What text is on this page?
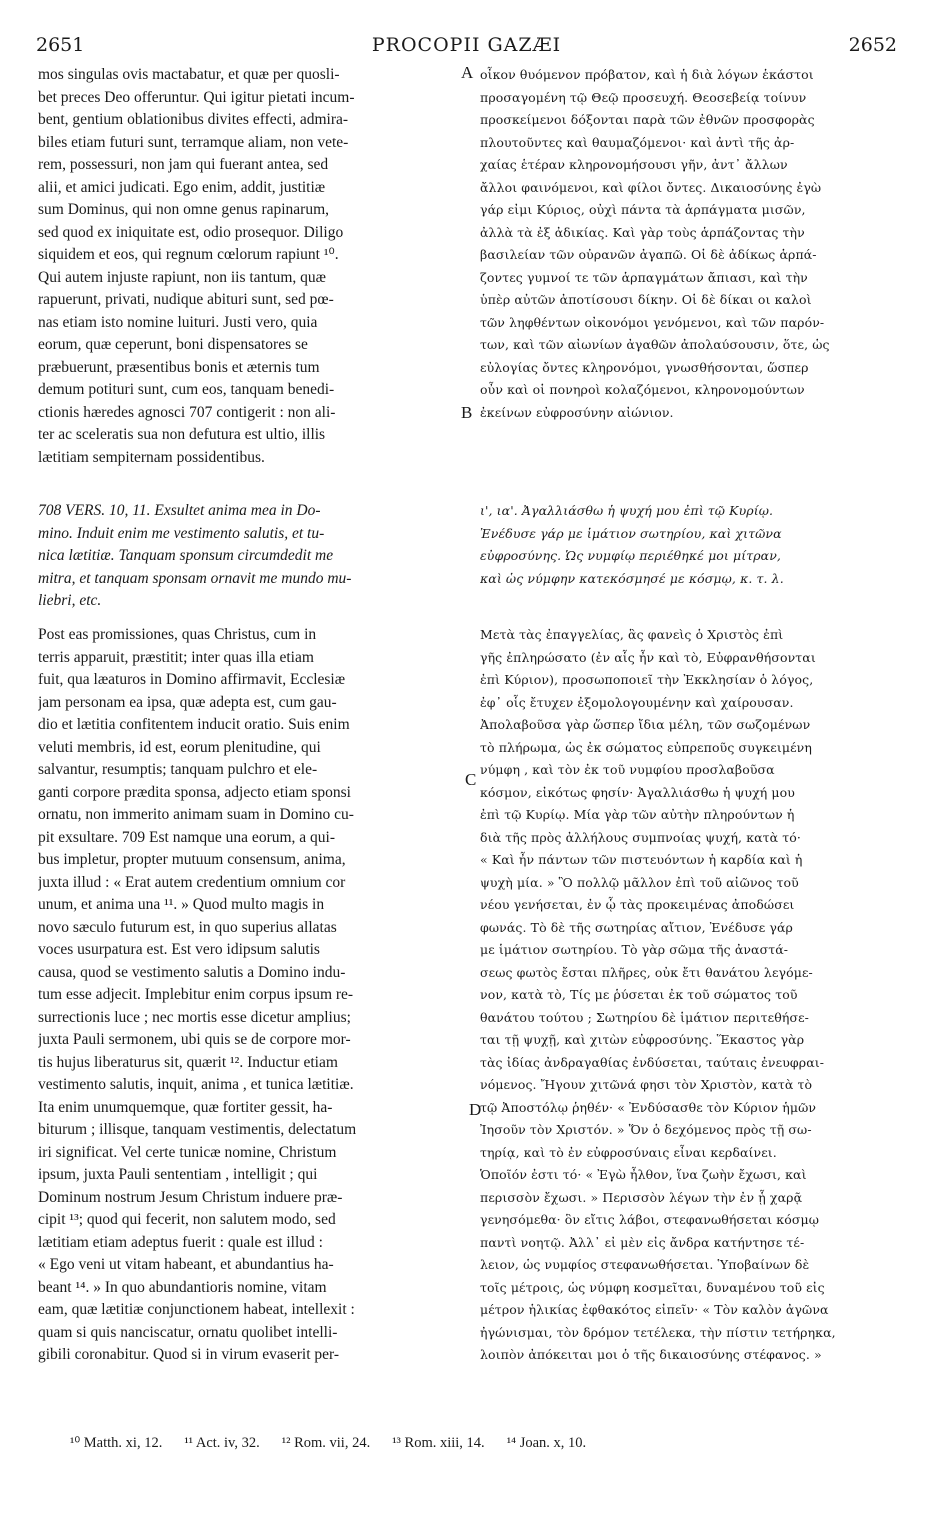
2651	PROCOPII GAZÆI	2652
mos singulas ovis mactabatur, et quæ per quosli-
bet preces Deo offeruntur. Qui igitur pietati incum-
bent, gentium oblationibus divites effecti, admira-
biles etiam futuri sunt, terramque aliam, non vete-
rem, possessuri, non jam qui fuerant antea, sed
alii, et amici judicati. Ego enim, addit, justitiæ
sum Dominus, qui non omne genus rapinarum,
sed quod ex iniquitate est, odio prosequor. Diligo
siquidem et eos, qui regnum cœlorum rapiunt ¹⁰.
Qui autem injuste rapiunt, non iis tantum, quæ
rapuerunt, privati, nudique abituri sunt, sed pœ-
nas etiam isto nomine luituri. Justi vero, quia
eorum, quæ ceperunt, boni dispensatores se
præbuerunt, præsentibus bonis et æternis tum
demum potituri sunt, cum eos, tanquam benedi-
ctionis hæredes agnosci 707 contigerit : non ali-
ter ac sceleratis sua non defutura est ultio, illis
lætitiam sempiternam possidentibus.
οἶκον θυόμενον πρόβατον, καὶ ἡ διὰ λόγων ἑκάστοι
προσαγομένη τῷ Θεῷ προσευχή. Θεοσεβείᾳ τοίνυν
προσκείμενοι δόξονται παρὰ τῶν ἐθνῶν προσφορὰς
πλουτοῦντες καὶ θαυμαζόμενοι· καὶ ἀντὶ τῆς ἀρ-
χαίας ἑτέραν κληρονομήσουσι γῆν, ἀντ᾽ ἄλλων
ἄλλοι φαινόμενοι, καὶ φίλοι ὄντες. Δικαιοσύνης ἐγὼ
γάρ εἰμι Κύριος, οὐχὶ πάντα τὰ ἁρπάγματα μισῶν,
ἀλλὰ τὰ ἐξ ἀδικίας. Καὶ γὰρ τοὺς ἁρπάζοντας τὴν
βασιλείαν τῶν οὐρανῶν ἀγαπῶ. Οἱ δὲ ἀδίκως ἁρπά-
ζοντες γυμνοί τε τῶν ἁρπαγμάτων ἄπιασι, καὶ τὴν
ὑπὲρ αὐτῶν ἀποτίσουσι δίκην. Οἱ δὲ δίκαι οι καλοὶ
τῶν ληφθέντων οἰκονόμοι γενόμενοι, καὶ τῶν παρόν-
των, καὶ τῶν αἰωνίων ἀγαθῶν ἀπολαύσουσιν, ὅτε, ὡς
εὐλογίας ὄντες κληρονόμοι, γνωσθήσονται, ὥσπερ
οὖν καὶ οἱ πονηροὶ κολαζόμενοι, κληρονομούντων
ἐκείνων εὐφροσύνην αἰώνιον.
708 VERS. 10, 11. Exsultet anima mea in Do-
mino. Induit enim me vestimento salutis, et tu-
nica lætitiæ. Tanquam sponsum circumdedit me
mitra, et tanquam sponsam ornavit me mundo mu-
liebri, etc.
ι', ια'. Ἀγαλλιάσθω ἡ ψυχή μου ἐπὶ τῷ Κυρίῳ.
Ἐνέδυσε γάρ με ἱμάτιον σωτηρίου, καὶ χιτῶνα
εὐφροσύνης. Ὡς νυμφίῳ περιέθηκέ μοι μίτραν,
καὶ ὡς νύμφην κατεκόσμησέ με κόσμῳ, κ. τ. λ.
Post eas promissiones, quas Christus, cum in
terris apparuit, præstitit; inter quas illa etiam
fuit, qua læaturos in Domino affirmavit, Ecclesiæ
jam personam ea ipsa, quæ adepta est, cum gau-
dio et lætitia confitentem inducit oratio. Suis enim
veluti membris, id est, eorum plenitudine, qui
salvantur, resumptis; tanquam pulchro et ele-
ganti corpore prædita sponsa, adjecto etiam sponsi
ornatu, non immerito animam suam in Domino cu-
pit exsultare. 709 Est namque una eorum, a qui-
bus impletur, propter mutuum consensum, anima,
juxta illud : « Erat autem credentium omnium cor
unum, et anima una ¹¹. » Quod multo magis in
novo sæculo futurum est, in quo superius allatas
voces usurpatura est. Est vero idipsum salutis
causa, quod se vestimento salutis a Domino indu-
tum esse adjecit. Implebitur enim corpus ipsum re-
surrectionis luce ; nec mortis esse dicetur amplius;
juxta Pauli sermonem, ubi quis se de corpore mor-
tis hujus liberaturus sit, quærit ¹². Inductur etiam
vestimento salutis, inquit, anima , et tunica lætitiæ.
Ita enim unumquemque, quæ fortiter gessit, ha-
biturum ; illisque, tanquam vestimentis, delectatum
iri significat. Vel certe tunicæ nomine, Christum
ipsum, juxta Pauli sententiam , intelligit ; qui
Dominum nostrum Jesum Christum induere præ-
cipit ¹³; quod qui fecerit, non salutem modo, sed
lætitiam etiam adeptus fuerit : quale est illud :
« Ego veni ut vitam habeant, et abundantius ha-
beant ¹⁴. » In quo abundantioris nomine, vitam
eam, quæ lætitiæ conjunctionem habeat, intellexit :
quam si quis nanciscatur, ornatu quolibet intelli-
gibili coronabitur. Quod si in virum evaserit per-
Μετὰ τὰς ἐπαγγελίας, ἃς φανεὶς ὁ Χριστὸς ἐπὶ
γῆς ἐπληρώσατο (ἐν αἷς ἦν καὶ τὸ, Εὐφρανθήσονται
ἐπὶ Κύριον), προσωποποιεῖ τὴν Ἐκκλησίαν ὁ λόγος,
ἐφ᾽ οἷς ἔτυχεν ἐξομολογουμένην καὶ χαίρουσαν.
Ἀπολαβοῦσα γὰρ ὥσπερ ἴδια μέλη, τῶν σωζομένων
τὸ πλήρωμα, ὡς ἐκ σώματος εὐπρεποῦς συγκειμένη
νύμφη , καὶ τὸν ἐκ τοῦ νυμφίου προσλαβοῦσα
κόσμον, εἰκότως φησίν· Ἀγαλλιάσθω ἡ ψυχή μου
ἐπὶ τῷ Κυρίῳ. Μία γὰρ τῶν αὐτὴν πληρούντων ἡ
διὰ τῆς πρὸς ἀλλήλους συμπνοίας ψυχή, κατὰ τό·
« Καὶ ἦν πάντων τῶν πιστευόντων ἡ καρδία καὶ ἡ
ψυχὴ μία. » Ὃ πολλῷ μᾶλλον ἐπὶ τοῦ αἰῶνος τοῦ
νέου γενήσεται, ἐν ᾧ τὰς προκειμένας ἀποδώσει
φωνάς. Τὸ δὲ τῆς σωτηρίας αἴτιον, Ἐνέδυσε γάρ
με ἱμάτιον σωτηρίου. Τὸ γὰρ σῶμα τῆς ἀναστά-
σεως φωτὸς ἔσται πλῆρες, οὐκ ἔτι θανάτου λεγόμε-
νον, κατὰ τὸ, Τίς με ῥύσεται ἐκ τοῦ σώματος τοῦ
θανάτου τούτου ; Σωτηρίου δὲ ἱμάτιον περιτεθήσε-
ται τῇ ψυχῇ, καὶ χιτὼν εὐφροσύνης. Ἕκαστος γὰρ
τὰς ἰδίας ἀνδραγαθίας ἐνδύσεται, ταύταις ἐνευφραι-
νόμενος. Ἤγουν χιτῶνά φησι τὸν Χριστὸν, κατὰ τὸ
τῷ Ἀποστόλῳ ῥηθέν· « Ἐνδύσασθε τὸν Κύριον ἡμῶν
Ἰησοῦν τὸν Χριστόν. » Ὅν ὁ δεχόμενος πρὸς τῇ σω-
τηρίᾳ, καὶ τὸ ἐν εὐφροσύναις εἶναι κερδαίνει.
Ὁποῖόν ἐστι τό· « Ἐγὼ ἦλθον, ἵνα ζωὴν ἔχωσι, καὶ
περισσὸν ἔχωσι. » Περισσὸν λέγων τὴν ἐν ᾗ χαρᾷ
γενησόμεθα· ὃν εἴτις λάβοι, στεφανωθήσεται κόσμῳ
παντὶ νοητῷ. Ἀλλ᾽ εἰ μὲν εἰς ἄνδρα κατήντησε τέ-
λειον, ὡς νυμφίος στεφανωθήσεται. Ὑποβαίνων δὲ
τοῖς μέτροις, ὡς νύμφη κοσμεῖται, δυναμένου τοῦ εἰς
μέτρον ἡλικίας ἐφθακότος εἰπεῖν· « Τὸν καλὸν ἀγῶνα
ἠγώνισμαι, τὸν δρόμον τετέλεκα, τὴν πίστιν τετήρηκα,
λοιπὸν ἀπόκειται μοι ὁ τῆς δικαιοσύνης στέφανος. »
A
B
C
D
¹⁰ Matth. xi, 12. ¹¹ Act. iv, 32. ¹² Rom. vii, 24. ¹³ Rom. xiii, 14. ¹⁴ Joan. x, 10.
